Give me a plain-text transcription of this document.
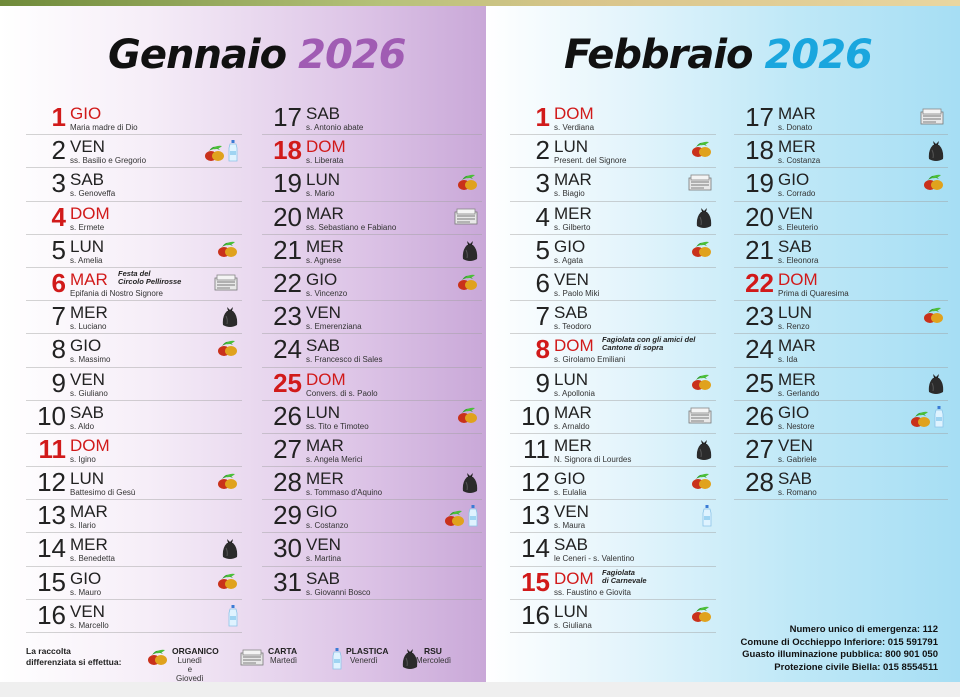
Gennaio 2026
1 GIO
Maria madre di Dio
2 VEN
ss. Basilio e Gregorio
3 SAB
s. Genoveffa
4 DOM
s. Ermete
5 LUN
s. Amelia
6 MAR
Epifania di Nostro Signore
Festa del
Circolo Pellirosse
7 MER
s. Luciano
8 GIO
s. Massimo
9 VEN
s. Giuliano
10 SAB
s. Aldo
11 DOM
s. Igino
12 LUN
Battesimo di Gesù
13 MAR
s. Ilario
14 MER
s. Benedetta
15 GIO
s. Mauro
16 VEN
s. Marcello
17 SAB
s. Antonio abate
18 DOM
s. Liberata
19 LUN
s. Mario
20 MAR
ss. Sebastiano e Fabiano
21 MER
s. Agnese
22 GIO
s. Vincenzo
23 VEN
s. Emerenziana
24 SAB
s. Francesco di Sales
25 DOM
Convers. di s. Paolo
26 LUN
ss. Tito e Timoteo
27 MAR
s. Angela Merici
28 MER
s. Tommaso d'Aquino
29 GIO
s. Costanzo
30 VEN
s. Martina
31 SAB
s. Giovanni Bosco
La raccolta
differenziata si effettua:
ORGANICO
Lunedì
e Giovedì
CARTA
Martedì
PLASTICA
Venerdì
RSU
Mercoledì
Febbraio 2026
1 DOM
s. Verdiana
2 LUN
Present. del Signore
3 MAR
s. Biagio
4 MER
s. Gilberto
5 GIO
s. Agata
6 VEN
s. Paolo Miki
7 SAB
s. Teodoro
8 DOM
s. Girolamo Emiliani
Fagiolata con gli amici del
Cantone di sopra
9 LUN
s. Apollonia
10 MAR
s. Arnaldo
11 MER
N. Signora di Lourdes
12 GIO
s. Eulalia
13 VEN
s. Maura
14 SAB
le Ceneri - s. Valentino
15 DOM
ss. Faustino e Giovita
Fagiolata
di Carnevale
16 LUN
s. Giuliana
17 MAR
s. Donato
18 MER
s. Costanza
19 GIO
s. Corrado
20 VEN
s. Eleuterio
21 SAB
s. Eleonora
22 DOM
Prima di Quaresima
23 LUN
s. Renzo
24 MAR
s. Ida
25 MER
s. Gerlando
26 GIO
s. Nestore
27 VEN
s. Gabriele
28 SAB
s. Romano
Numero unico di emergenza: 112
Comune di Occhieppo Inferiore: 015 591791
Guasto illuminazione pubblica: 800 901 050
Protezione civile Biella: 015 8554511
